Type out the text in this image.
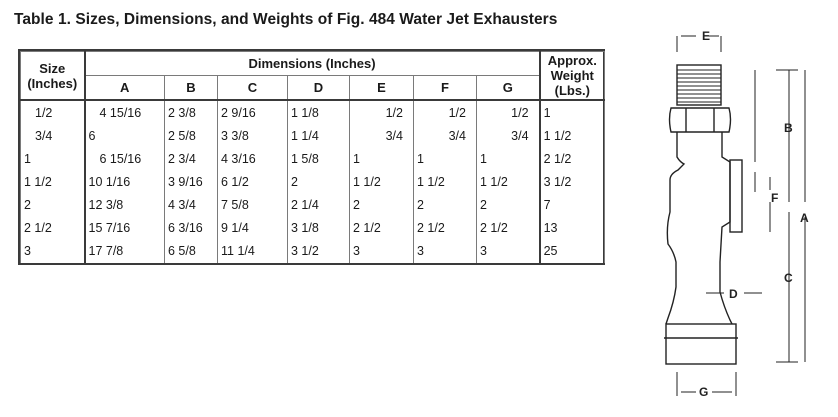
Table 1. Sizes, Dimensions, and Weights of Fig. 484 Water Jet Exhausters
Size
(Inches)	Dimensions (Inches)							Approx.
Weight
(Lbs.)
	A	B	C	D	E	F	G	
1/2	4 15/16	2 3/8	2 9/16	1 1/8	1/2	1/2	1/2	1
3/4	6	2 5/8	3 3/8	1 1/4	3/4	3/4	3/4	1 1/2
1	6 15/16	2 3/4	4 3/16	1 5/8	1	1	1	2 1/2
1 1/2	10 1/16	3 9/16	6 1/2	2	1 1/2	1 1/2	1 1/2	3 1/2
2	12 3/8	4 3/4	7 5/8	2 1/4	2	2	2	7
2 1/2	15 7/16	6 3/16	9 1/4	3 1/8	2 1/2	2 1/2	2 1/2	13
3	17 7/8	6 5/8	11 1/4	3 1/2	3	3	3	25
E
B
F
A
C
D
G
